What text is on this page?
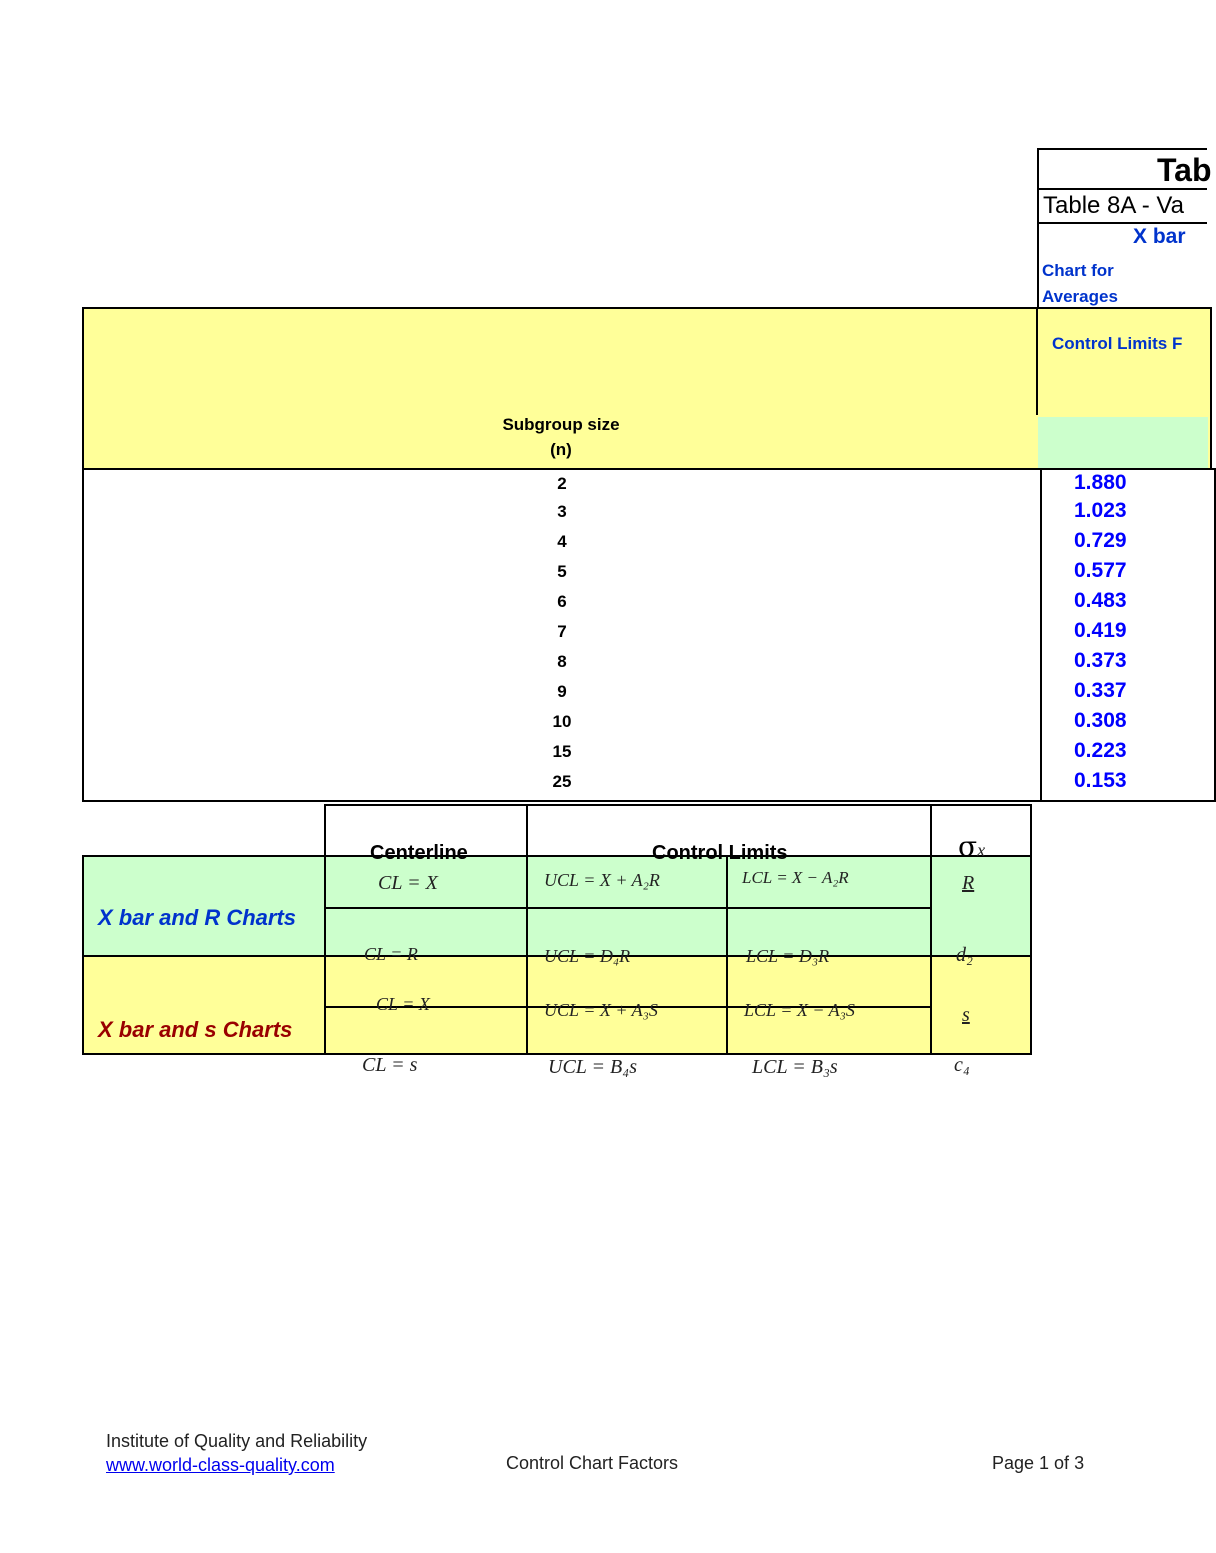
Tab
Table 8A - Va
X bar
Chart for
Averages
Control Limits F
Subgroup size
(n)
2	1.880
3	1.023
4	0.729
5	0.577
6	0.483
7	0.419
8	0.373
9	0.337
10	0.308
15	0.223
25	0.153
Centerline	Control Limits	σx
X bar and R Charts
X bar and s Charts
CL = X	UCL = X + A₂R	LCL = X − A₂R	R
CL = R	UCL = D₄R	LCL = D₃R	d₂
CL = X	UCL = X + A₃S	LCL = X − A₃S	s
CL = s	UCL = B₄s	LCL = B₃s	c₄
Institute of Quality and Reliability
www.world-class-quality.com	Control Chart Factors	Page 1 of 3
